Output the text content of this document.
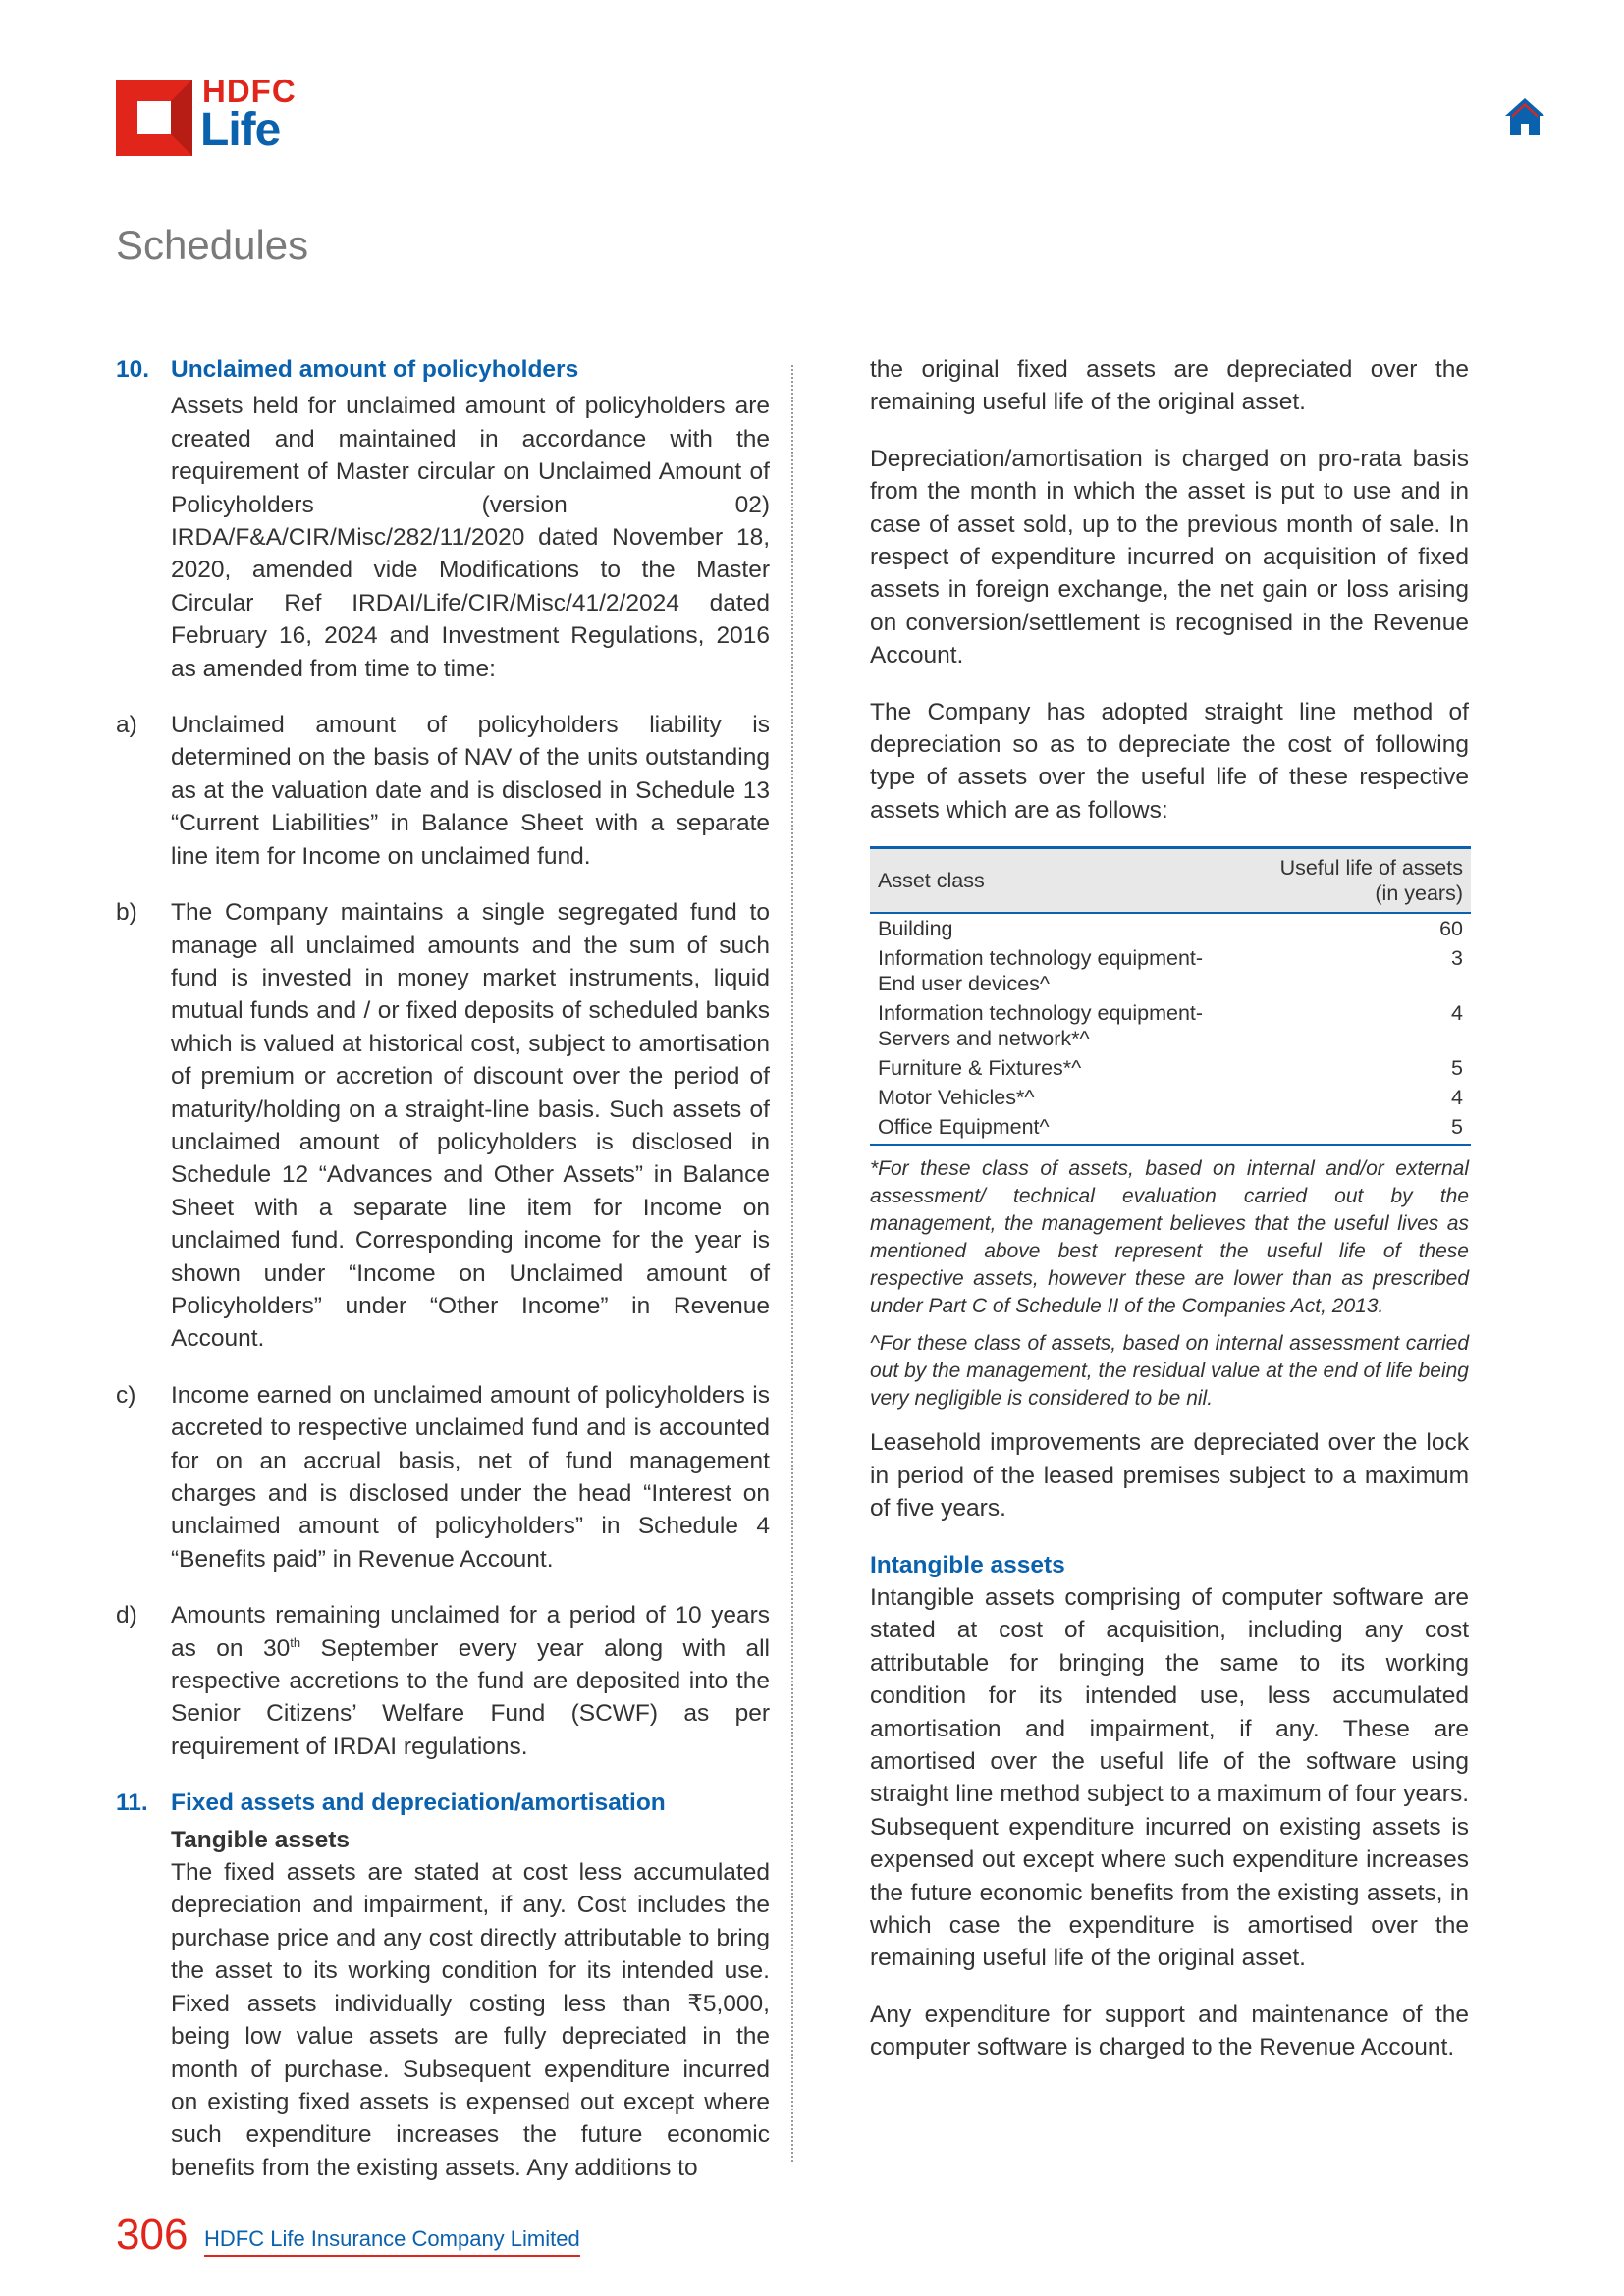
HDFC
Life
Schedules
10. Unclaimed amount of policyholders

Assets held for unclaimed amount of policyholders are created and maintained in accordance with the requirement of Master circular on Unclaimed Amount of Policyholders (version 02) IRDA/F&A/CIR/Misc/282/11/2020 dated November 18, 2020, amended vide Modifications to the Master Circular Ref IRDAI/Life/CIR/Misc/41/2/2024 dated February 16, 2024 and Investment Regulations, 2016 as amended from time to time:

a)	Unclaimed amount of policyholders liability is determined on the basis of NAV of the units outstanding as at the valuation date and is disclosed in Schedule 13 “Current Liabilities” in Balance Sheet with a separate line item for Income on unclaimed fund.
b)	The Company maintains a single segregated fund to manage all unclaimed amounts and the sum of such fund is invested in money market instruments, liquid mutual funds and / or fixed deposits of scheduled banks which is valued at historical cost, subject to amortisation of premium or accretion of discount over the period of maturity/holding on a straight-line basis. Such assets of unclaimed amount of policyholders is disclosed in Schedule 12 “Advances and Other Assets” in Balance Sheet with a separate line item for Income on unclaimed fund. Corresponding income for the year is shown under “Income on Unclaimed amount of Policyholders” under “Other Income” in Revenue Account.
c)	Income earned on unclaimed amount of policyholders is accreted to respective unclaimed fund and is accounted for on an accrual basis, net of fund management charges and is disclosed under the head “Interest on unclaimed amount of policyholders” in Schedule 4 “Benefits paid” in Revenue Account.
d)	Amounts remaining unclaimed for a period of 10 years as on 30th September every year along with all respective accretions to the fund are deposited into the Senior Citizens’ Welfare Fund (SCWF) as per requirement of IRDAI regulations.
11. Fixed assets and depreciation/amortisation
Tangible assets

The fixed assets are stated at cost less accumulated depreciation and impairment, if any. Cost includes the purchase price and any cost directly attributable to bring the asset to its working condition for its intended use. Fixed assets individually costing less than ₹5,000, being low value assets are fully depreciated in the month of purchase. Subsequent expenditure incurred on existing fixed assets is expensed out except where such expenditure increases the future economic benefits from the existing assets. Any additions to

the original fixed assets are depreciated over the remaining useful life of the original asset.

Depreciation/amortisation is charged on pro-rata basis from the month in which the asset is put to use and in case of asset sold, up to the previous month of sale. In respect of expenditure incurred on acquisition of fixed assets in foreign exchange, the net gain or loss arising on conversion/settlement is recognised in the Revenue Account.

The Company has adopted straight line method of depreciation so as to depreciate the cost of following type of assets over the useful life of these respective assets which are as follows:

Asset class	Useful life of assets
(in years)
Building	60
Information technology equipment-End user devices^	3
Information technology equipment-Servers and network*^	4
Furniture & Fixtures*^	5
Motor Vehicles*^	4
Office Equipment^	5

*For these class of assets, based on internal and/or external assessment/ technical evaluation carried out by the management, the management believes that the useful lives as mentioned above best represent the useful life of these respective assets, however these are lower than as prescribed under Part C of Schedule II of the Companies Act, 2013.

^For these class of assets, based on internal assessment carried out by the management, the residual value at the end of life being very negligible is considered to be nil.

Leasehold improvements are depreciated over the lock in period of the leased premises subject to a maximum of five years.

Intangible assets

Intangible assets comprising of computer software are stated at cost of acquisition, including any cost attributable for bringing the same to its working condition for its intended use, less accumulated amortisation and impairment, if any. These are amortised over the useful life of the software using straight line method subject to a maximum of four years. Subsequent expenditure incurred on existing assets is expensed out except where such expenditure increases the future economic benefits from the existing assets, in which case the expenditure is amortised over the remaining useful life of the original asset.

Any expenditure for support and maintenance of the computer software is charged to the Revenue Account.

306 HDFC Life Insurance Company Limited
